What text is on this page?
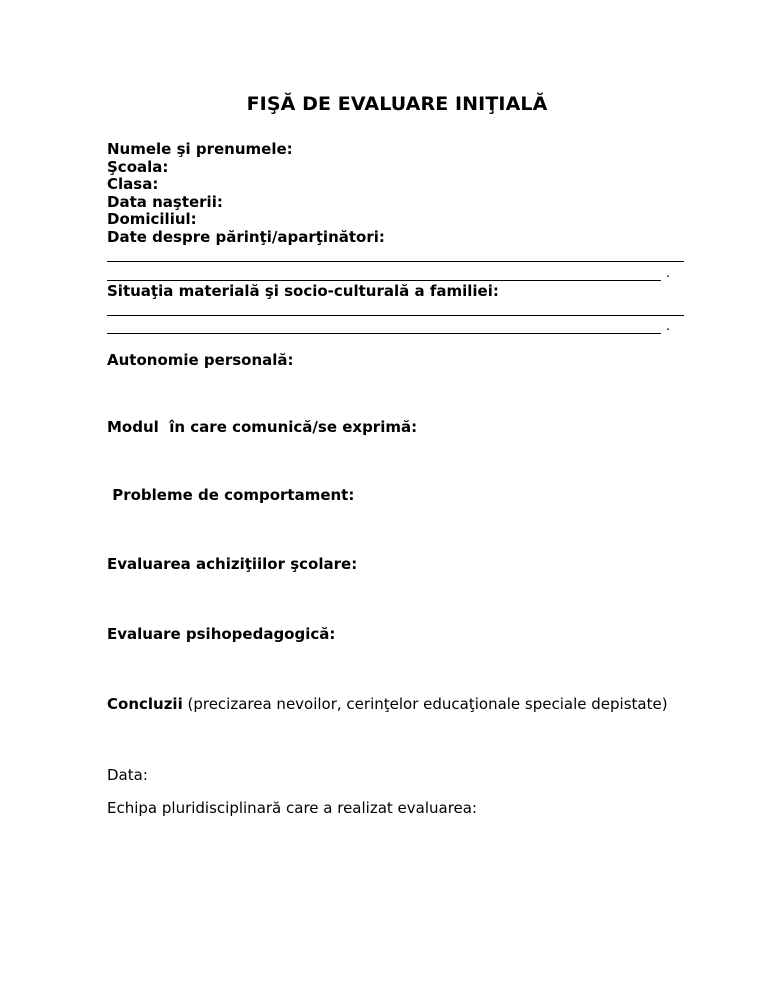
FIŞĂ DE EVALUARE INIŢIALĂ
Numele şi prenumele:
Şcoala:
Clasa:
Data naşterii:
Domiciliul:
Date despre părinţi/aparţinători:
.
Situaţia materială şi socio-culturală a familiei:
.
Autonomie personală:
Modul  în care comunică/se exprimă:
Probleme de comportament:
Evaluarea achiziţiilor şcolare:
Evaluare psihopedagogică:
Concluzii (precizarea nevoilor, cerinţelor educaţionale speciale depistate)
Data:
Echipa pluridisciplinară care a realizat evaluarea:
